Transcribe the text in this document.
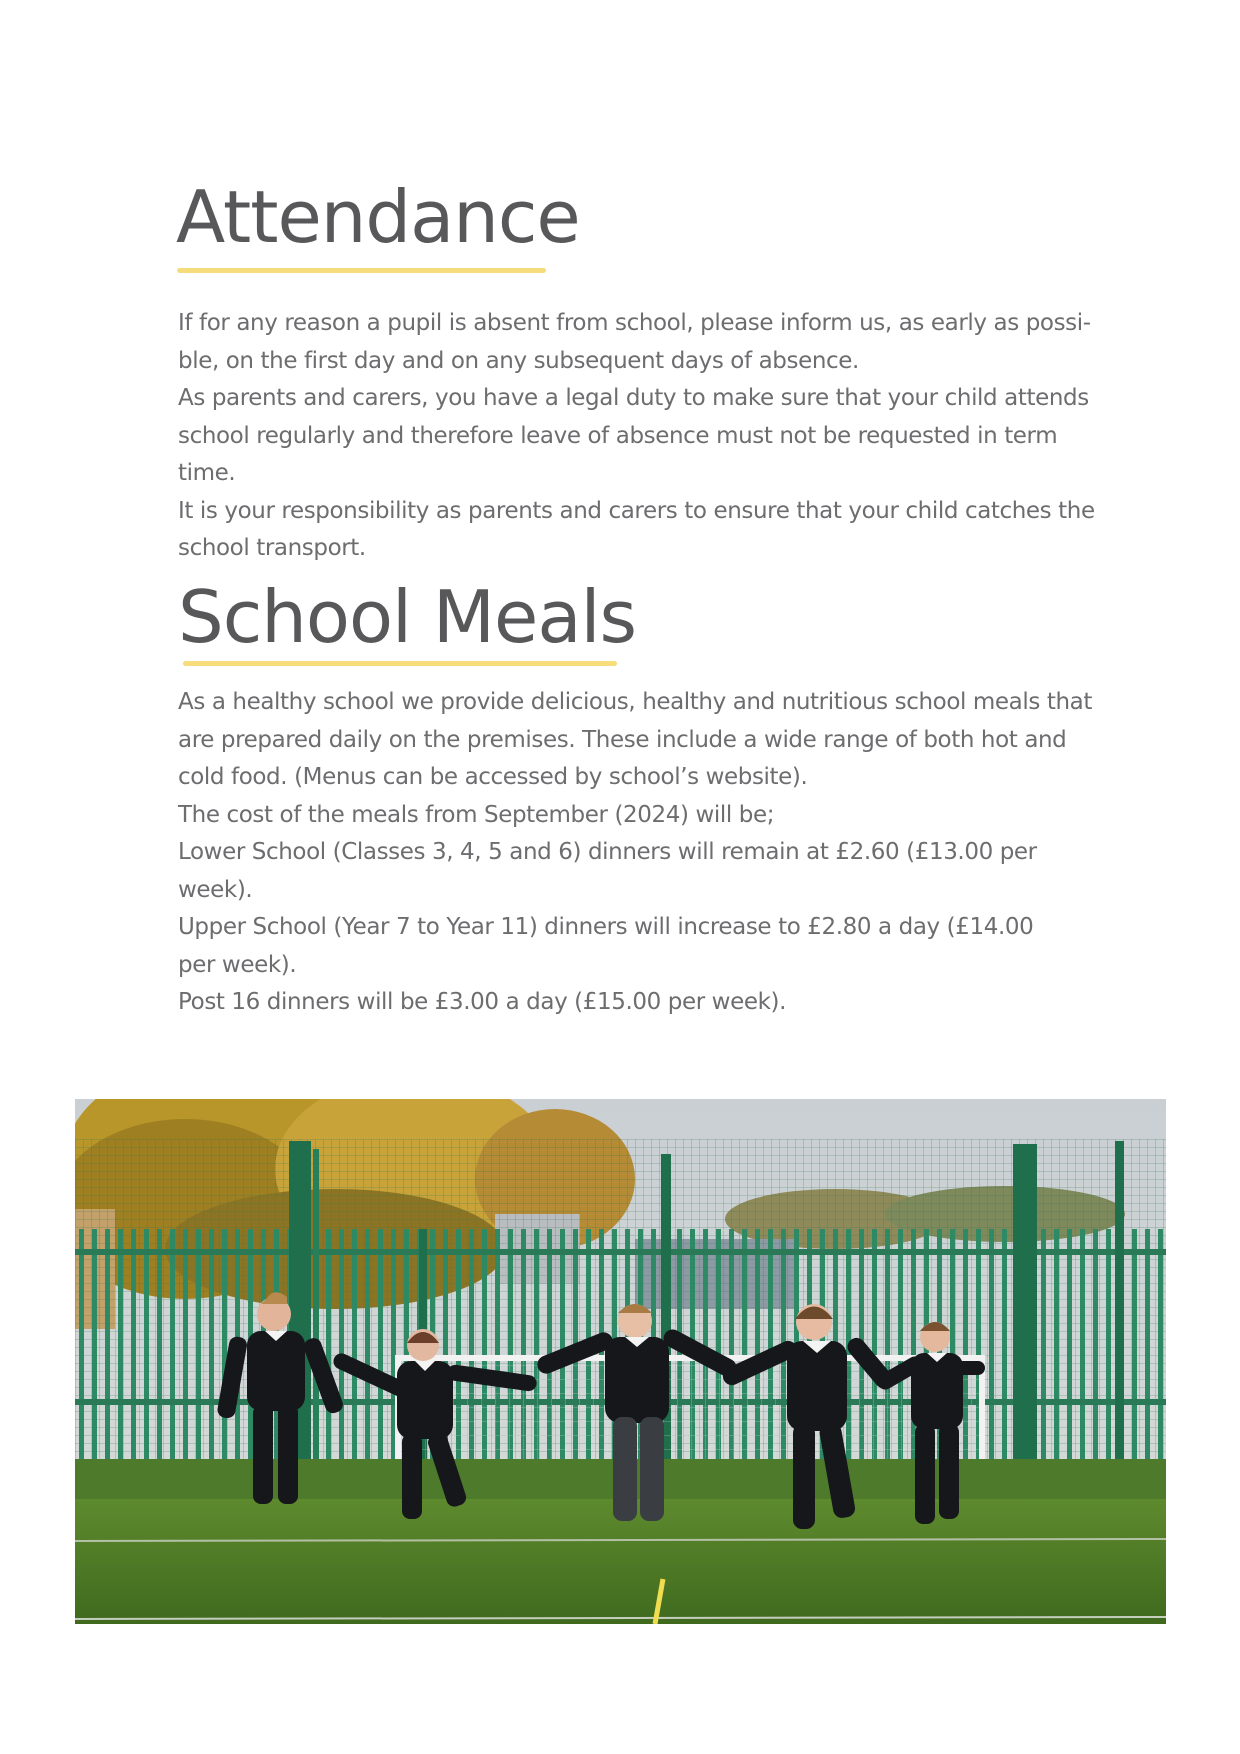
Attendance
If for any reason a pupil is absent from school, please inform us, as early as possi-
ble, on the first day and on any subsequent days of absence.
As parents and carers, you have a legal duty to make sure that your child attends
school regularly and therefore leave of absence must not be requested in term
time.
It is your responsibility as parents and carers to ensure that your child catches the
school transport.
School Meals
As a healthy school we provide delicious, healthy and nutritious school meals that
are prepared daily on the premises. These include a wide range of both hot and
cold food. (Menus can be accessed by school’s website).
The cost of the meals from September (2024) will be;
Lower School (Classes 3, 4, 5 and 6) dinners will remain at £2.60 (£13.00 per
week).
Upper School (Year 7 to Year 11) dinners will increase to £2.80 a day (£14.00
per week).
Post 16 dinners will be £3.00 a day (£15.00 per week).
